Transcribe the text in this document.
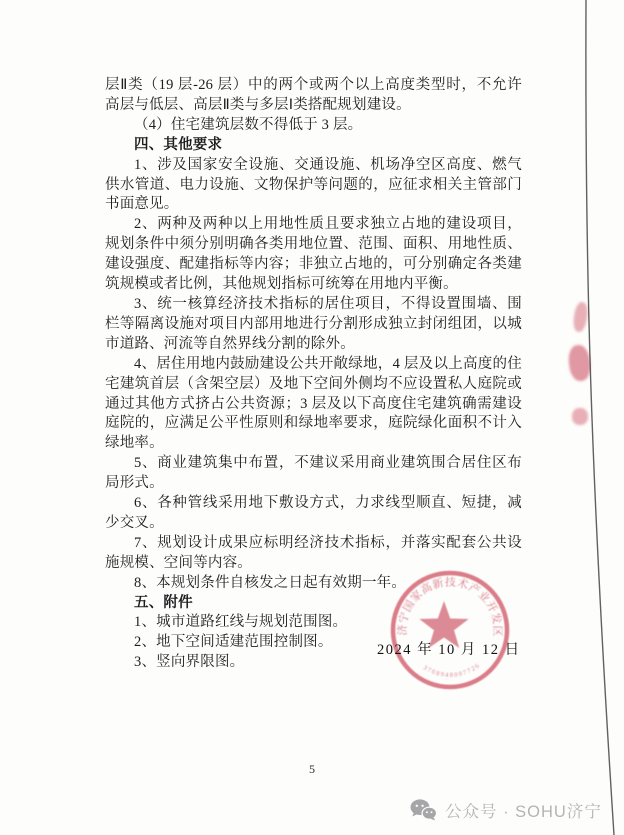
层Ⅱ类（19 层-26 层）中的两个或两个以上高度类型时，不允许高层与低层、高层Ⅱ类与多层Ⅰ类搭配规划建设。

（4）住宅建筑层数不得低于 3 层。

四、其他要求

1、涉及国家安全设施、交通设施、机场净空区高度、燃气供水管道、电力设施、文物保护等问题的，应征求相关主管部门书面意见。

2、两种及两种以上用地性质且要求独立占地的建设项目，规划条件中须分别明确各类用地位置、范围、面积、用地性质、建设强度、配建指标等内容；非独立占地的，可分别确定各类建筑规模或者比例，其他规划指标可统筹在用地内平衡。

3、统一核算经济技术指标的居住项目，不得设置围墙、围栏等隔离设施对项目内部用地进行分割形成独立封闭组团，以城市道路、河流等自然界线分割的除外。

4、居住用地内鼓励建设公共开敞绿地，4 层及以上高度的住宅建筑首层（含架空层）及地下空间外侧均不应设置私人庭院或通过其他方式挤占公共资源；3 层及以下高度住宅建筑确需建设庭院的，应满足公平性原则和绿地率要求，庭院绿化面积不计入绿地率。

5、商业建筑集中布置，不建议采用商业建筑围合居住区布局形式。

6、各种管线采用地下敷设方式，力求线型顺直、短捷，减少交叉。

7、规划设计成果应标明经济技术指标，并落实配套公共设施规模、空间等内容。

8、本规划条件自核发之日起有效期一年。

五、附件

1、城市道路红线与规划范围图。

2、地下空间适建范围控制图。

3、竖向界限图。

2024 年 10 月 12 日
济宁国家高新技术产业开发区
3708948007726
5
公众号 · SOHU济宁
